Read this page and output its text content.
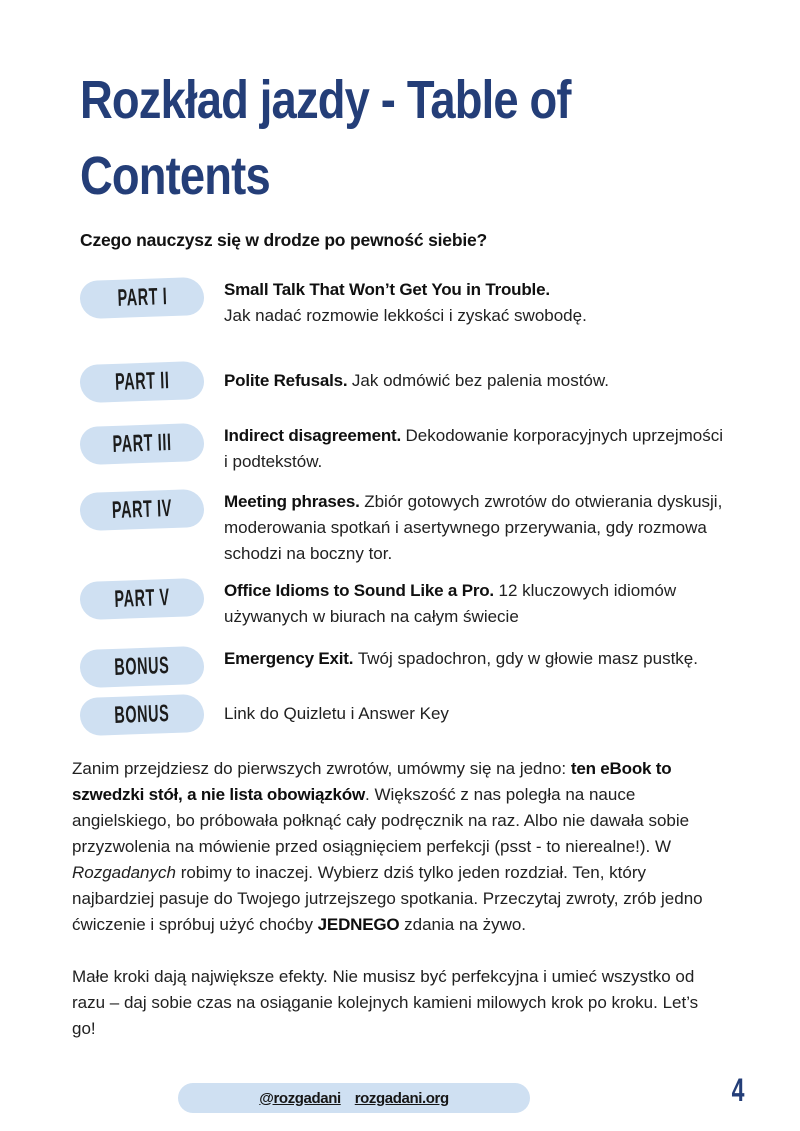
Rozkład jazdy - Table of Contents
Czego nauczysz się w drodze po pewność siebie?
PART I	Small Talk That Won’t Get You in Trouble.
Jak nadać rozmowie lekkości i zyskać swobodę.
PART II	Polite Refusals. Jak odmówić bez palenia mostów.
PART III	Indirect disagreement. Dekodowanie korporacyjnych uprzejmości i podtekstów.
PART IV	Meeting phrases. Zbiór gotowych zwrotów do otwierania dyskusji, moderowania spotkań i asertywnego przerywania, gdy rozmowa schodzi na boczny tor.
PART V	Office Idioms to Sound Like a Pro. 12 kluczowych idiomów używanych w biurach na całym świecie
BONUS	Emergency Exit. Twój spadochron, gdy w głowie masz pustkę.
BONUS	Link do Quizletu i Answer Key

Zanim przejdziesz do pierwszych zwrotów, umówmy się na jedno: ten eBook to szwedzki stół, a nie lista obowiązków. Większość z nas poległa na nauce angielskiego, bo próbowała połknąć cały podręcznik na raz. Albo nie dawała sobie przyzwolenia na mówienie przed osiągnięciem perfekcji (psst - to nierealne!). W Rozgadanych robimy to inaczej. Wybierz dziś tylko jeden rozdział. Ten, który najbardziej pasuje do Twojego jutrzejszego spotkania. Przeczytaj zwroty, zrób jedno ćwiczenie i spróbuj użyć choćby JEDNEGO zdania na żywo.

Małe kroki dają największe efekty. Nie musisz być perfekcyjna i umieć wszystko od razu – daj sobie czas na osiąganie kolejnych kamieni milowych krok po kroku. Let’s go!

@rozgadani rozgadani.org	4
